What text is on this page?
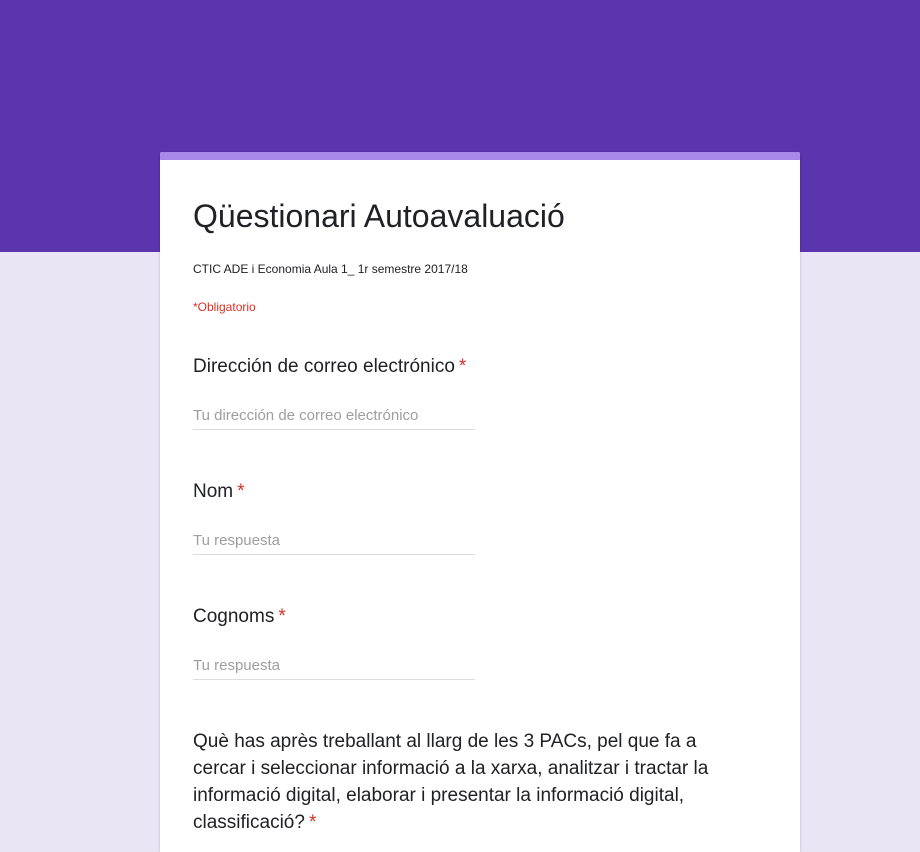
Qüestionari Autoavaluació
CTIC ADE i Economia Aula 1_ 1r semestre 2017/18
*Obligatorio
Dirección de correo electrónico *
Tu dirección de correo electrónico
Nom *
Tu respuesta
Cognoms *
Tu respuesta
Què has après treballant al llarg de les 3 PACs, pel que fa a cercar i seleccionar informació a la xarxa, analitzar i tractar la informació digital, elaborar i presentar la informació digital, classificació? *
